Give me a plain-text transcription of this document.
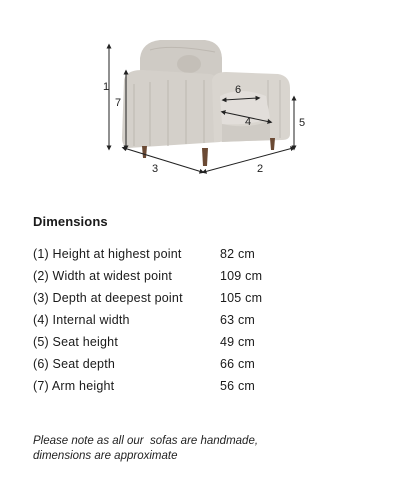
1
7
6
4	5
3	2
Dimensions
(1) Height at highest point	82 cm
(2) Width at widest point	109 cm
(3) Depth at deepest point	105 cm
(4) Internal width	63 cm
(5) Seat height	49 cm
(6) Seat depth	66 cm
(7) Arm height	56 cm
Please note as all our  sofas are handmade,
dimensions are approximate
